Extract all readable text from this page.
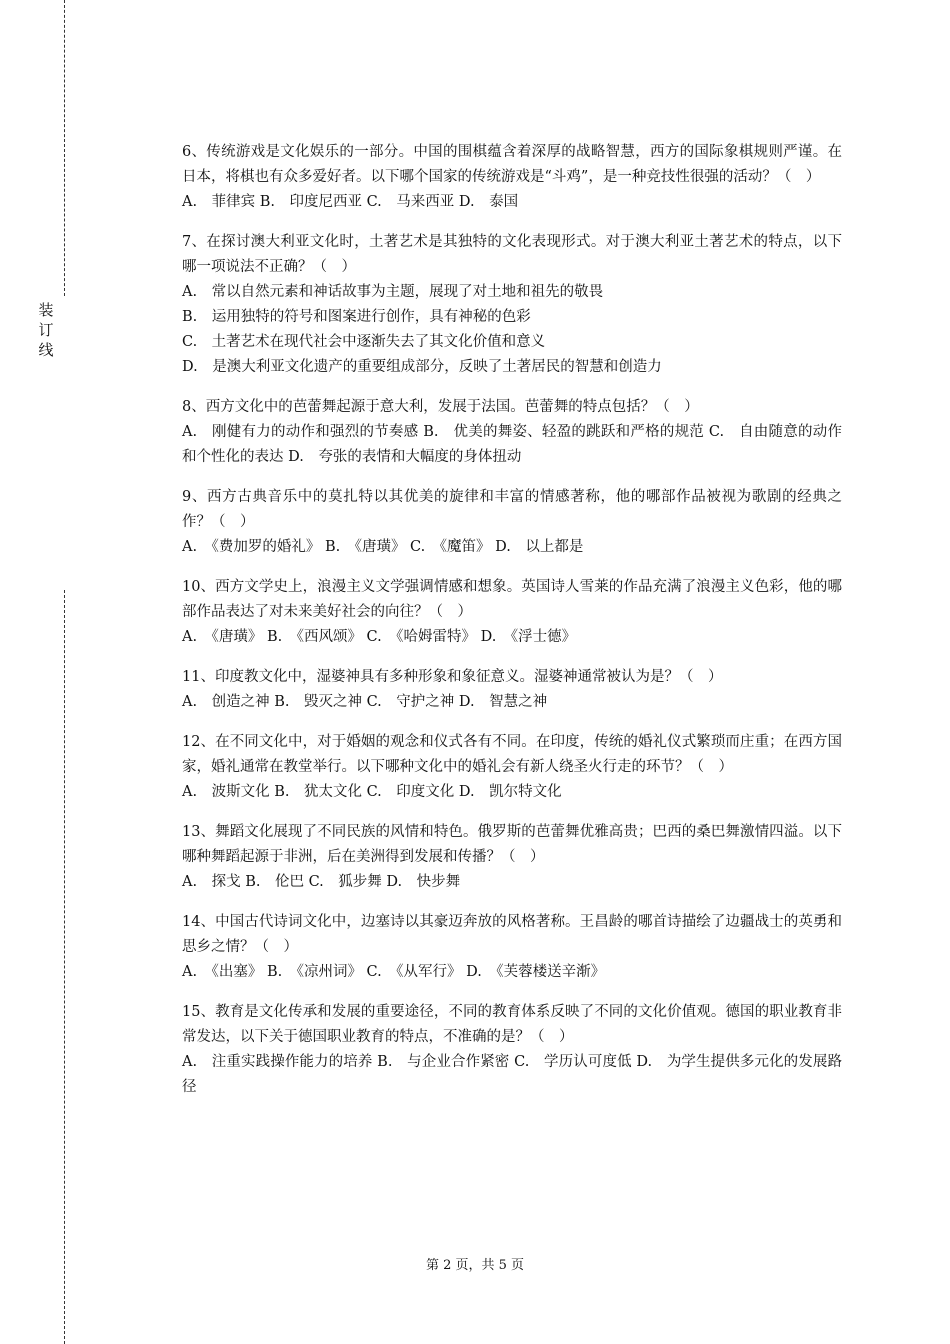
装订线

6、传统游戏是文化娱乐的一部分。中国的围棋蕴含着深厚的战略智慧，西方的国际象棋规则严谨。在日本，将棋也有众多爱好者。以下哪个国家的传统游戏是“斗鸡”，是一种竞技性很强的活动？（　）

A.　菲律宾 B.　印度尼西亚 C.　马来西亚 D.　泰国

7、在探讨澳大利亚文化时，土著艺术是其独特的文化表现形式。对于澳大利亚土著艺术的特点，以下哪一项说法不正确？（　）

A.　常以自然元素和神话故事为主题，展现了对土地和祖先的敬畏
B.　运用独特的符号和图案进行创作，具有神秘的色彩
C.　土著艺术在现代社会中逐渐失去了其文化价值和意义
D.　是澳大利亚文化遗产的重要组成部分，反映了土著居民的智慧和创造力

8、西方文化中的芭蕾舞起源于意大利，发展于法国。芭蕾舞的特点包括？（　）

A.　刚健有力的动作和强烈的节奏感 B.　优美的舞姿、轻盈的跳跃和严格的规范 C.　自由随意的动作和个性化的表达 D.　夸张的表情和大幅度的身体扭动

9、西方古典音乐中的莫扎特以其优美的旋律和丰富的情感著称，他的哪部作品被视为歌剧的经典之作？（　）

A.　《费加罗的婚礼》 B.　《唐璜》 C.　《魔笛》 D.　以上都是

10、西方文学史上，浪漫主义文学强调情感和想象。英国诗人雪莱的作品充满了浪漫主义色彩，他的哪部作品表达了对未来美好社会的向往？（　）

A.　《唐璜》 B.　《西风颂》 C.　《哈姆雷特》 D.　《浮士德》

11、印度教文化中，湿婆神具有多种形象和象征意义。湿婆神通常被认为是？（　）

A.　创造之神 B.　毁灭之神 C.　守护之神 D.　智慧之神

12、在不同文化中，对于婚姻的观念和仪式各有不同。在印度，传统的婚礼仪式繁琐而庄重；在西方国家，婚礼通常在教堂举行。以下哪种文化中的婚礼会有新人绕圣火行走的环节？（　）

A.　波斯文化 B.　犹太文化 C.　印度文化 D.　凯尔特文化

13、舞蹈文化展现了不同民族的风情和特色。俄罗斯的芭蕾舞优雅高贵；巴西的桑巴舞激情四溢。以下哪种舞蹈起源于非洲，后在美洲得到发展和传播？（　）

A.　探戈 B.　伦巴 C.　狐步舞 D.　快步舞

14、中国古代诗词文化中，边塞诗以其豪迈奔放的风格著称。王昌龄的哪首诗描绘了边疆战士的英勇和思乡之情？（　）

A.　《出塞》 B.　《凉州词》 C.　《从军行》 D.　《芙蓉楼送辛渐》

15、教育是文化传承和发展的重要途径，不同的教育体系反映了不同的文化价值观。德国的职业教育非常发达，以下关于德国职业教育的特点，不准确的是？（　）

A.　注重实践操作能力的培养 B.　与企业合作紧密 C.　学历认可度低 D.　为学生提供多元化的发展路径
第 2 页，共 5 页
